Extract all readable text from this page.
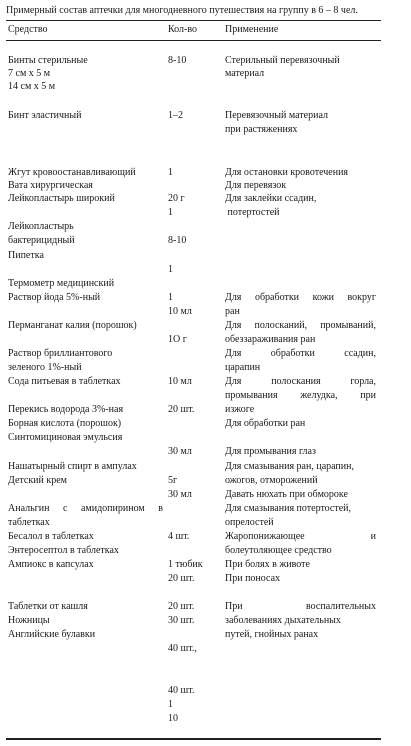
Примерный состав аптечки для многодневного путешествия на группу в 6 – 8 чел.
Средство	Кол-во	Применение
Бинты стерильные
7 см х 5 м
14 см х 5 м
Бинт эластичный
Жгут кровоостанавливающий
Вата хирургическая
Лейкопластырь широкий
Лейкопластырь
бактерицидный
Пипетка
Термометр медицинский
Раствор йода 5%-ный
Перманганат калия (порошок)
Раствор бриллиантового
зеленого 1%-ный
Сода питьевая в таблетках
Перекись водорода 3%-ная
Борная кислота (порошок)
Синтомициновая эмульсия
Нашатырный спирт в ампулах
Детский крем
Анальгин с амидопирином в
таблетках
Бесалол в таблетках
Энтеросептол в таблетках
Ампиокс в капсулах
Таблетки от кашля
Ножницы
Английские булавки
8-10
1–2
1
20 г
1
8-10
1
1
10 мл
1О г
10 мл
20 шт.
30 мл
5г
30 мл
4 шт.
1 тюбик
20 шт.
20 шт.
30 шт.
40 шт.,
40 шт.
1
10
Стерильный перевязочный
материал
Перевязочный материал
при растяжениях
Для остановки кровотечения
Для перевязок
Для заклейки ссадин,
потертостей
Для обработки кожи вокруг
ран
Для полосканий, промываний,
обеззараживания ран
Для обработки ссадин,
царапин
Для полоскания горла,
промывания желудка, при
изжоге
Для обработки ран
Для промывания глаз
Для смазывания ран, царапин,
ожогов, отморожений
Давать нюхать при обмороке
Для смазывания потертостей,
опрелостей
Жаропонижающее и
болеутоляющее средство
При болях в животе
При поносах
При воспалительных
заболеваниях дыхательных
путей, гнойных ранах
